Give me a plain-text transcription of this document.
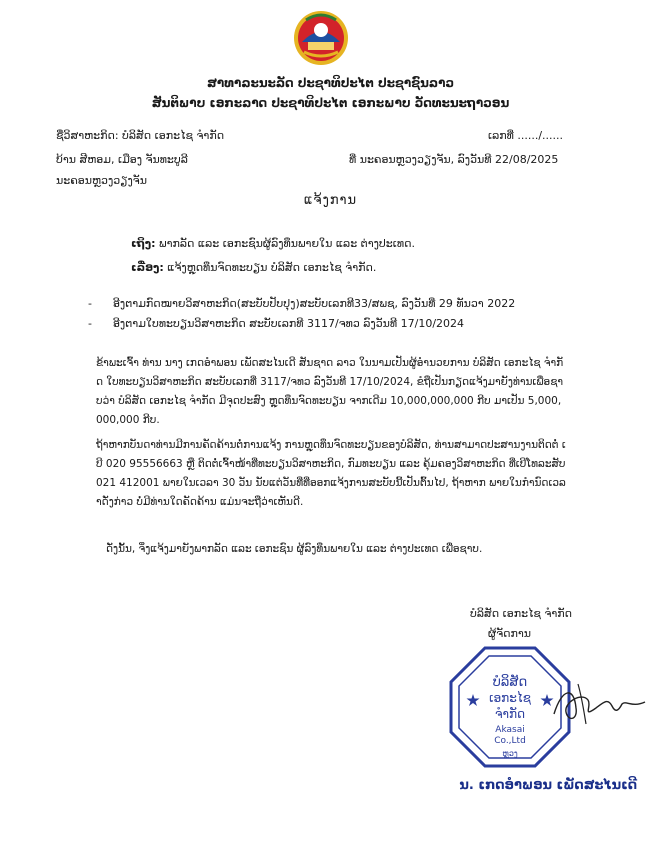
ສາທາລະນະລັດ ປະຊາທິປະໄຕ ປະຊາຊົນລາວ
ສັນຕິພາບ ເອກະລາດ ປະຊາທິປະໄຕ ເອກະພາບ ວັດທະນະຖາວອນ
ຊື່ວິສາຫະກິດ: ບໍລິສັດ ເອກະໄຊ ຈໍາກັດ	ເລກທີ່ ....../......
ບ້ານ ສີຫອມ, ເມືອງ ຈັນທະບູລີ	ທີ່ ນະຄອນຫຼວງວຽງຈັນ, ລົງວັນທີ 22/08/2025
ນະຄອນຫຼວງວຽງຈັນ
ແຈ້ງການ
ເຖິງ: ພາກລັດ ແລະ ເອກະຊົນຜູ້ລົງທຶນພາຍໃນ ແລະ ຕ່າງປະເທດ.
ເລື່ອງ: ແຈ້ງຫຼຸດທຶນຈົດທະບຽນ ບໍລິສັດ ເອກະໄຊ ຈຳກັດ.
-      ອີງຕາມກົດໝາຍວິສາຫະກິດ(ສະບັບປັບປຸງ)ສະບັບເລກທີ33/ສພຊ, ລົງວັນທີ່ 29 ທັນວາ 2022
-      ອີງຕາມໃບທະບຽນວິສາຫະກິດ ສະບັບເລກທີ 3117/ຈທວ ລົງວັນທີ 17/10/2024
ຂ້າພະເຈົ້າ ທ່ານ ນາງ ເກດອຳພອນ ເພັດສະໄນເດີ ສັນຊາດ ລາວ ໃນນາມເປັນຜູ້ອຳນວຍການ ບໍລິສັດ ເອກະໄຊ ຈໍາກັດ ໃບທະບຽນວິສາຫະກິດ ສະບັບເລກທີ່ 3117/ຈທວ ລົງວັນທີ 17/10/2024, ຂໍຖືເປັນກຽດແຈ້ງມາຍັງທ່ານເພື່ອຊາບວ່າ ບໍລິສັດ ເອກະໄຊ ຈຳກັດ ມີຈຸດປະສົງ ຫຼຸດທຶນຈົດທະບຽນ ຈາກເດີມ 10,000,000,000 ກີບ ມາເປັນ 5,000,000,000 ກີບ.
ຖ້າຫາກບັນດາທ່ານມີການຄັດຄ້ານຕໍ່ການແຈ້ງ ການຫຼຸດທຶນຈົດທະບຽນຂອງບໍລິສັດ, ທ່ານສາມາດປະສານງານຕິດຕໍ່ ເບີ 020 95556663 ຫຼື ຕິດຕໍ່ເຈົ້າໜ້າທີ່ທະບຽນວິສາຫະກິດ, ກົມທະບຽນ ແລະ ຄຸ້ມຄອງວິສາຫະກິດ ທີ່ເບີໂທລະສັບ 021 412001 ພາຍໃນເວລາ 30 ວັນ ນັບແຕ່ວັນທີ່ທີ່ອອກແຈ້ງການສະບັບນີ້ເປັນຕົ້ນໄປ, ຖ້າຫາກ ພາຍໃນກຳນົດເວລາດັ່ງກ່າວ ບໍ່ມີທ່ານໃດຄັດຄ້ານ ແມ່ນຈະຖືວ່າເຫັນດີ.
ດັ່ງນັ້ນ, ຈິ່ງແຈ້ງມາຍັງພາກລັດ ແລະ ເອກະຊົນ ຜູ້ລົງທຶນພາຍໃນ ແລະ ຕ່າງປະເທດ ເພື່ອຊາບ.
ບໍລິສັດ ເອກະໄຊ ຈໍາກັດ
ຜູ້ຈັດການ
ບໍລິສັດ
ເອກະໄຊ
ຈຳກັດ
Akasai
Co.,Ltd
ຫຼວງ
ນ. ເກດອຳພອນ ເພັດສະໄນເດີ
